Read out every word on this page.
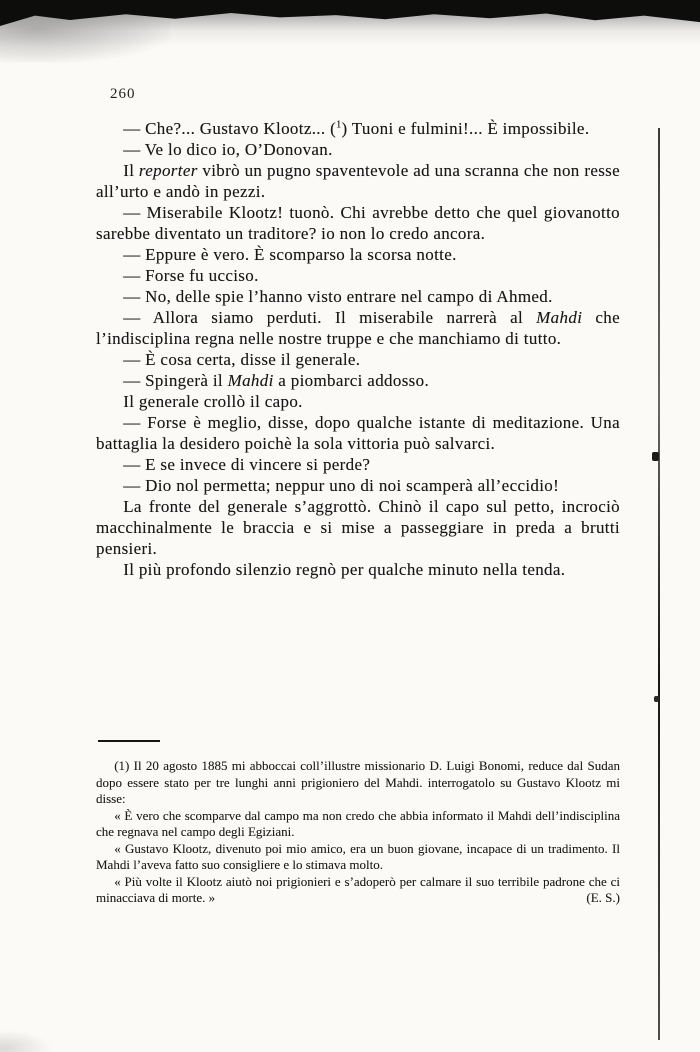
260

— Che?... Gustavo Klootz... ($^1$) Tuoni e fulmini!... È impossibile.

— Ve lo dico io, O’Donovan.

Il reporter vibrò un pugno spaventevole ad una scranna che non resse all’urto e andò in pezzi.

— Miserabile Klootz! tuonò. Chi avrebbe detto che quel giovanotto sarebbe diventato un traditore? io non lo credo ancora.

— Eppure è vero. È scomparso la scorsa notte.

— Forse fu ucciso.

— No, delle spie l’hanno visto entrare nel campo di Ahmed.

— Allora siamo perduti. Il miserabile narrerà al Mahdi che l’indisciplina regna nelle nostre truppe e che manchiamo di tutto.

— È cosa certa, disse il generale.

— Spingerà il Mahdi a piombarci addosso.

Il generale crollò il capo.

— Forse è meglio, disse, dopo qualche istante di meditazione. Una battaglia la desidero poichè la sola vittoria può salvarci.

— E se invece di vincere si perde?

— Dio nol permetta; neppur uno di noi scamperà all’eccidio!

La fronte del generale s’aggrottò. Chinò il capo sul petto, incrociò macchinalmente le braccia e si mise a passeggiare in preda a brutti pensieri.

Il più profondo silenzio regnò per qualche minuto nella tenda.

(1) Il 20 agosto 1885 mi abboccai coll’illustre missionario D. Luigi Bonomi, reduce dal Sudan dopo essere stato per tre lunghi anni prigioniero del Mahdi. interrogatolo su Gustavo Klootz mi disse:

« È vero che scomparve dal campo ma non credo che abbia informato il Mahdi dell’indisciplina che regnava nel campo degli Egiziani.

« Gustavo Klootz, divenuto poi mio amico, era un buon giovane, incapace di un tradimento. Il Mahdi l’aveva fatto suo consigliere e lo stimava molto.

« Più volte il Klootz aiutò noi prigionieri e s’adoperò per calmare il suo terribile padrone che ci minacciava di morte. »	(E. S.)
